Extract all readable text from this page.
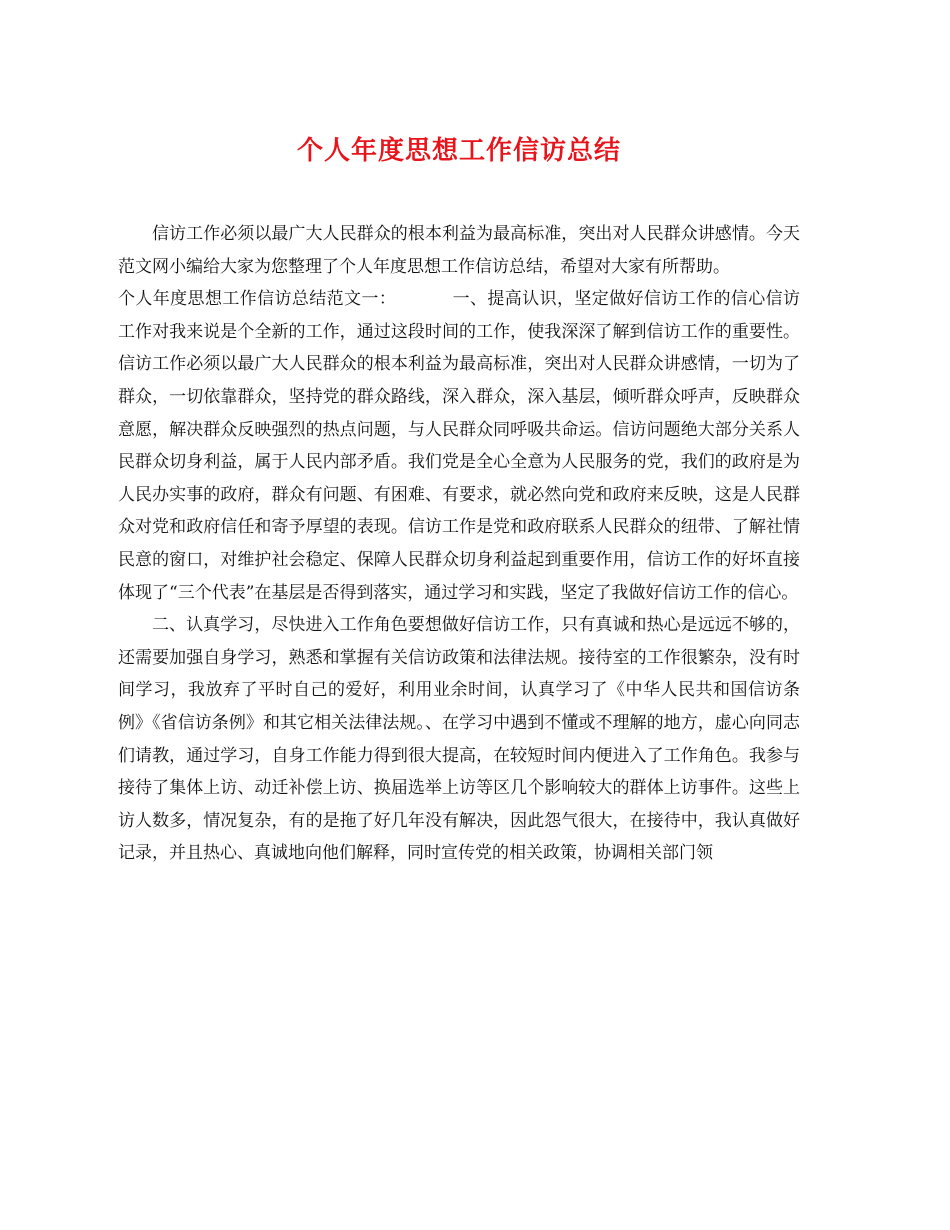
个人年度思想工作信访总结

信访工作必须以最广大人民群众的根本利益为最高标准，突出对人民群众讲感情。今天范文网小编给大家为您整理了个人年度思想工作信访总结，希望对大家有所帮助。

个人年度思想工作信访总结范文一：	一、提高认识，坚定做好信访工作的信心信访工作对我来说是个全新的工作，通过这段时间的工作，使我深深了解到信访工作的重要性。信访工作必须以最广大人民群众的根本利益为最高标准，突出对人民群众讲感情，一切为了群众，一切依靠群众，坚持党的群众路线，深入群众，深入基层，倾听群众呼声，反映群众意愿，解决群众反映强烈的热点问题，与人民群众同呼吸共命运。信访问题绝大部分关系人民群众切身利益，属于人民内部矛盾。我们党是全心全意为人民服务的党，我们的政府是为人民办实事的政府，群众有问题、有困难、有要求，就必然向党和政府来反映，这是人民群众对党和政府信任和寄予厚望的表现。信访工作是党和政府联系人民群众的纽带、了解社情民意的窗口，对维护社会稳定、保障人民群众切身利益起到重要作用，信访工作的好坏直接体现了“三个代表”在基层是否得到落实，通过学习和实践，坚定了我做好信访工作的信心。

二、认真学习，尽快进入工作角色要想做好信访工作，只有真诚和热心是远远不够的，还需要加强自身学习，熟悉和掌握有关信访政策和法律法规。接待室的工作很繁杂，没有时间学习，我放弃了平时自己的爱好，利用业余时间，认真学习了《中华人民共和国信访条例》《省信访条例》和其它相关法律法规。、在学习中遇到不懂或不理解的地方，虚心向同志们请教，通过学习，自身工作能力得到很大提高，在较短时间内便进入了工作角色。我参与接待了集体上访、动迁补偿上访、换届选举上访等区几个影响较大的群体上访事件。这些上访人数多，情况复杂，有的是拖了好几年没有解决，因此怨气很大，在接待中，我认真做好记录，并且热心、真诚地向他们解释，同时宣传党的相关政策，协调相关部门领
